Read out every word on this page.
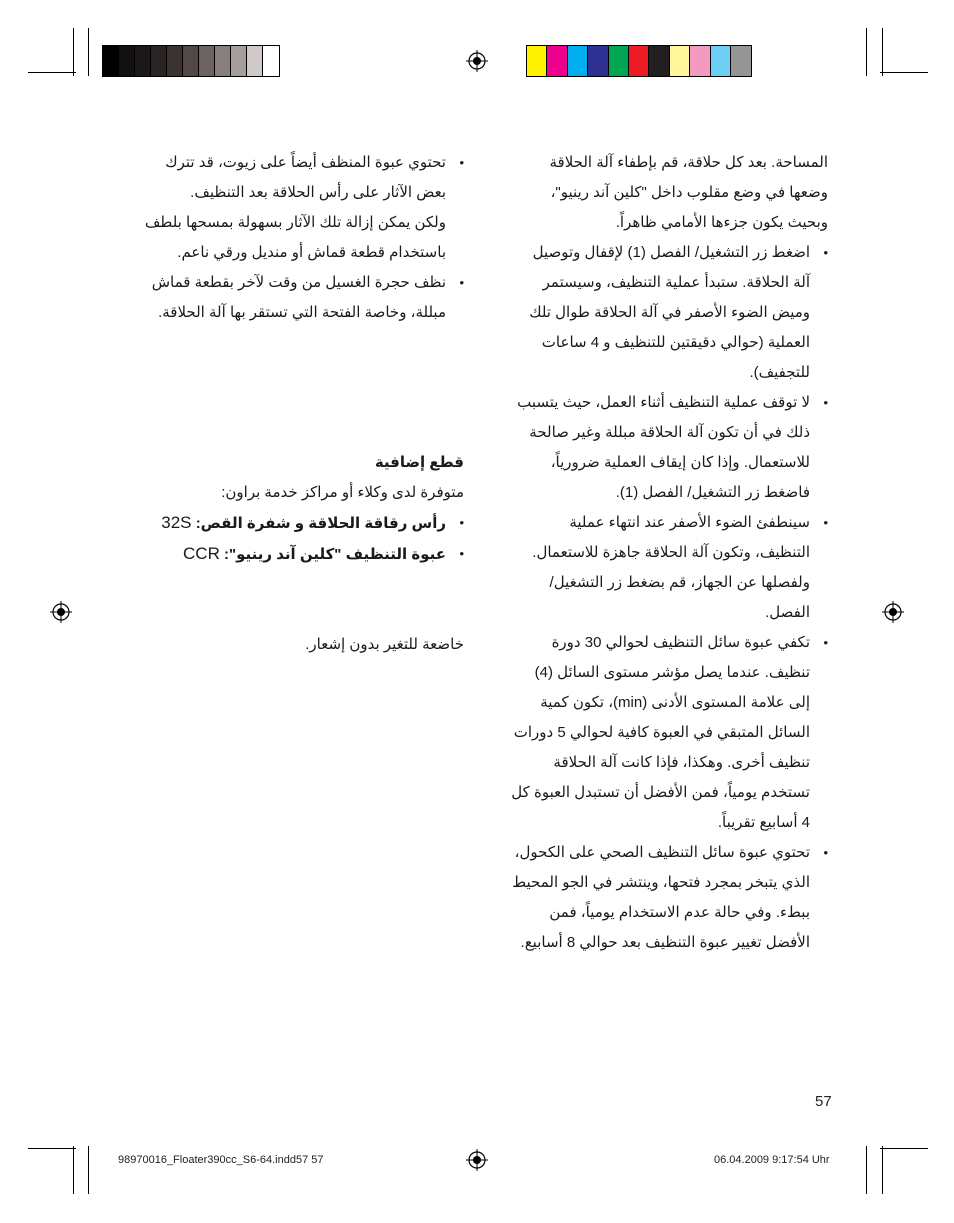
المساحة. بعد كل حلاقة، قم بإطفاء آلة الحلاقة
وضعها في وضع مقلوب داخل "كلين آند رينيو"،
وبحيث يكون جزءها الأمامي ظاهراً.

• اضغط زر التشغيل/ الفصل (1) لإقفال وتوصيل
آلة الحلاقة. ستبدأ عملية التنظيف، وسيستمر
وميض الضوء الأصفر في آلة الحلاقة طوال تلك
العملية (حوالي دقيقتين للتنظيف و 4 ساعات
للتجفيف).
• لا توقف عملية التنظيف أثناء العمل، حيث يتسبب
ذلك في أن تكون آلة الحلاقة مبللة وغير صالحة
للاستعمال. وإذا كان إيقاف العملية ضرورياً،
فاضغط زر التشغيل/ الفصل (1).
• سينطفئ الضوء الأصفر عند انتهاء عملية
التنظيف، وتكون آلة الحلاقة جاهزة للاستعمال.
ولفصلها عن الجهاز، قم بضغط زر التشغيل/
الفصل.
• تكفي عبوة سائل التنظيف لحوالي 30 دورة
تنظيف. عندما يصل مؤشر مستوى السائل (4)
إلى علامة المستوى الأدنى (min)، تكون كمية
السائل المتبقي في العبوة كافية لحوالي 5 دورات
تنظيف أخرى. وهكذا، فإذا كانت آلة الحلاقة
تستخدم يومياً، فمن الأفضل أن تستبدل العبوة كل
4 أسابيع تقريباً.
• تحتوي عبوة سائل التنظيف الصحي على الكحول،
الذي يتبخر بمجرد فتحها، وينتشر في الجو المحيط
ببطء. وفي حالة عدم الاستخدام يومياً، فمن
الأفضل تغيير عبوة التنظيف بعد حوالي 8 أسابيع.
• تحتوي عبوة المنظف أيضاً على زيوت، قد تترك
بعض الآثار على رأس الحلاقة بعد التنظيف.
ولكن يمكن إزالة تلك الآثار بسهولة بمسحها بلطف
باستخدام قطعة قماش أو منديل ورقي ناعم.
• نظف حجرة الغسيل من وقت لآخر بقطعة قماش
مبللة، وخاصة الفتحة التي تستقر بها آلة الحلاقة.

قطع إضافية

متوفرة لدى وكلاء أو مراكز خدمة براون:

• رأس رقاقة الحلاقة و شفرة القص: 32S
• عبوة التنظيف "كلين آند رينيو": CCR

خاضعة للتغير بدون إشعار.

57
98970016_Floater390cc_S6-64.indd57 57	06.04.2009 9:17:54 Uhr
